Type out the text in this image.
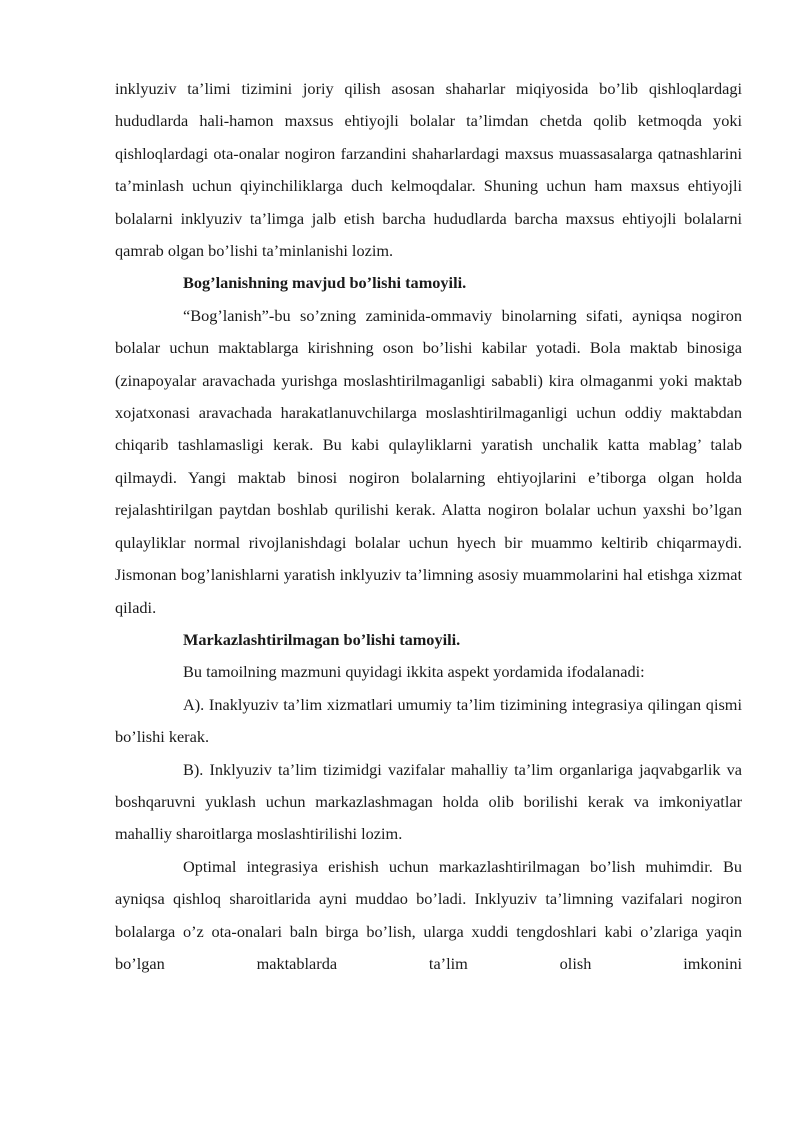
inklyuziv ta’limi tizimini joriy qilish asosan shaharlar miqiyosida bo’lib qishloqlardagi hududlarda hali-hamon maxsus ehtiyojli bolalar ta’limdan chetda qolib ketmoqda yoki qishloqlardagi ota-onalar nogiron farzandini shaharlardagi maxsus muassasalarga qatnashlarini ta’minlash uchun qiyinchiliklarga duch kelmoqdalar. Shuning uchun ham maxsus ehtiyojli bolalarni inklyuziv ta’limga jalb etish barcha hududlarda barcha maxsus ehtiyojli bolalarni qamrab olgan bo’lishi ta’minlanishi lozim.

Bog’lanishning mavjud bo’lishi tamoyili.

“Bog’lanish”-bu so’zning zaminida-ommaviy binolarning sifati, ayniqsa nogiron bolalar uchun maktablarga kirishning oson bo’lishi kabilar yotadi. Bola maktab binosiga (zinapoyalar aravachada yurishga moslashtirilmaganligi sababli) kira olmaganmi yoki maktab xojatxonasi aravachada harakatlanuvchilarga moslashtirilmaganligi uchun oddiy maktabdan chiqarib tashlamasligi kerak. Bu kabi qulayliklarni yaratish unchalik katta mablag’ talab qilmaydi. Yangi maktab binosi nogiron bolalarning ehtiyojlarini e’tiborga olgan holda rejalashtirilgan paytdan boshlab qurilishi kerak. Alatta nogiron bolalar uchun yaxshi bo’lgan qulayliklar normal rivojlanishdagi bolalar uchun hyech bir muammo keltirib chiqarmaydi. Jismonan bog’lanishlarni yaratish inklyuziv ta’limning asosiy muammolarini hal etishga xizmat qiladi.

Markazlashtirilmagan bo’lishi tamoyili.

Bu tamoilning mazmuni quyidagi ikkita aspekt yordamida ifodalanadi:

A). Inaklyuziv ta’lim xizmatlari umumiy ta’lim tizimining integrasiya qilingan qismi bo’lishi kerak.

B). Inklyuziv ta’lim tizimidgi vazifalar mahalliy ta’lim organlariga jaqvabgarlik va boshqaruvni yuklash uchun markazlashmagan holda olib borilishi kerak va imkoniyatlar mahalliy sharoitlarga moslashtirilishi lozim.

Optimal integrasiya erishish uchun markazlashtirilmagan bo’lish muhimdir. Bu ayniqsa qishloq sharoitlarida ayni muddao bo’ladi. Inklyuziv ta’limning vazifalari nogiron bolalarga o’z ota-onalari baln birga bo’lish, ularga xuddi tengdoshlari kabi o’zlariga yaqin bo’lgan maktablarda ta’lim olish imkonini
